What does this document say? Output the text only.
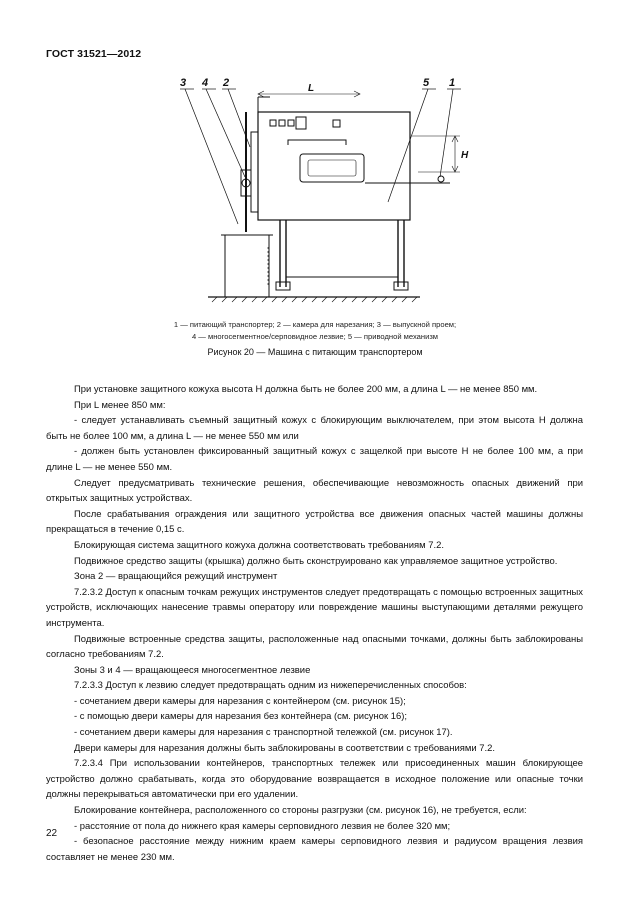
ГОСТ 31521—2012
3 4 2	5 1
L
H
1 — питающий транспортер; 2 — камера для нарезания; 3 — выпускной проем;
4 — многосегментное/серповидное лезвие; 5 — приводной механизм
Рисунок 20 — Машина с питающим транспортером

При установке защитного кожуха высота H должна быть не более 200 мм, а длина L — не менее 850 мм.

При L менее 850 мм:

- следует устанавливать съемный защитный кожух с блокирующим выключателем, при этом высота H должна быть не более 100 мм, а длина L — не менее 550 мм или

- должен быть установлен фиксированный защитный кожух с защелкой при высоте H не более 100 мм, а при длине L — не менее 550 мм.

Следует предусматривать технические решения, обеспечивающие невозможность опасных движений при открытых защитных устройствах.

После срабатывания ограждения или защитного устройства все движения опасных частей машины должны прекращаться в течение 0,15 с.

Блокирующая система защитного кожуха должна соответствовать требованиям 7.2.

Подвижное средство защиты (крышка) должно быть сконструировано как управляемое защитное устройство.

Зона 2 — вращающийся режущий инструмент

7.2.3.2 Доступ к опасным точкам режущих инструментов следует предотвращать с помощью встроенных защитных устройств, исключающих нанесение травмы оператору или повреждение машины выступающими деталями режущего инструмента.

Подвижные встроенные средства защиты, расположенные над опасными точками, должны быть заблокированы согласно требованиям 7.2.

Зоны 3 и 4 — вращающееся многосегментное лезвие

7.2.3.3 Доступ к лезвию следует предотвращать одним из нижеперечисленных способов:

- сочетанием двери камеры для нарезания с контейнером (см. рисунок 15);

- с помощью двери камеры для нарезания без контейнера (см. рисунок 16);

- сочетанием двери камеры для нарезания с транспортной тележкой (см. рисунок 17).

Двери камеры для нарезания должны быть заблокированы в соответствии с требованиями 7.2.

7.2.3.4 При использовании контейнеров, транспортных тележек или присоединенных машин блокирующее устройство должно срабатывать, когда это оборудование возвращается в исходное положение или опасные точки должны перекрываться автоматически при его удалении.

Блокирование контейнера, расположенного со стороны разгрузки (см. рисунок 16), не требуется, если:

- расстояние от пола до нижнего края камеры серповидного лезвия не более 320 мм;

- безопасное расстояние между нижним краем камеры серповидного лезвия и радиусом вращения лезвия составляет не менее 230 мм.

22
